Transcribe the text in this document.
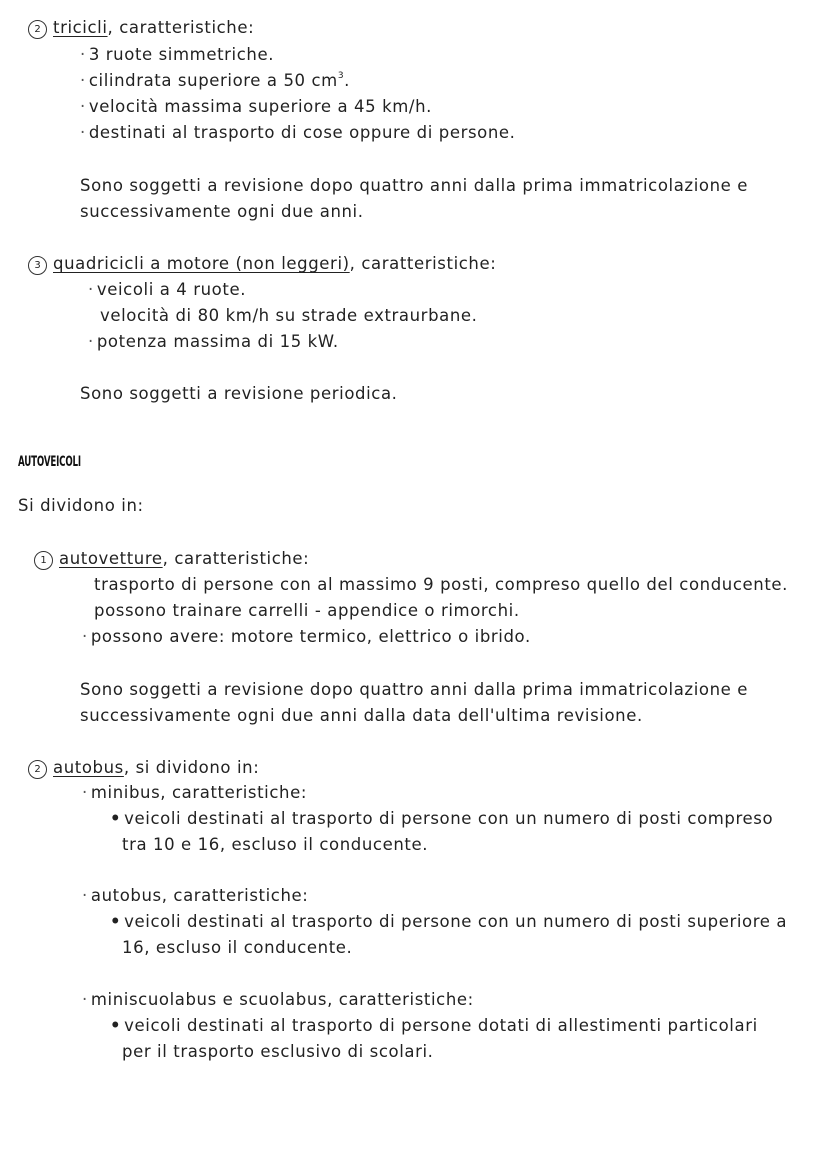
2 tricicli, caratteristiche:
· 3 ruote simmetriche.
· cilindrata superiore a 50 $cm^3$.
· velocità massima superiore a 45 km/h.
· destinati al trasporto di cose oppure di persone.
Sono soggetti a revisione dopo quattro anni dalla prima immatricolazione e
successivamente ogni due anni.
3 quadricicli a motore (non leggeri), caratteristiche:
· veicoli a 4 ruote.
velocità di 80 km/h su strade extraurbane.
· potenza massima di 15 kW.
Sono soggetti a revisione periodica.
AUTOVEICOLI
Si dividono in:
1 autovetture, caratteristiche:
trasporto di persone con al massimo 9 posti, compreso quello del conducente.
possono trainare carrelli - appendice o rimorchi.
· possono avere: motore termico, elettrico o ibrido.
Sono soggetti a revisione dopo quattro anni dalla prima immatricolazione e
successivamente ogni due anni dalla data dell'ultima revisione.
2 autobus, si dividono in:
· minibus, caratteristiche:
• veicoli destinati al trasporto di persone con un numero di posti compreso
tra 10 e 16, escluso il conducente.
· autobus, caratteristiche:
• veicoli destinati al trasporto di persone con un numero di posti superiore a
16, escluso il conducente.
· miniscuolabus e scuolabus, caratteristiche:
• veicoli destinati al trasporto di persone dotati di allestimenti particolari
per il trasporto esclusivo di scolari.
